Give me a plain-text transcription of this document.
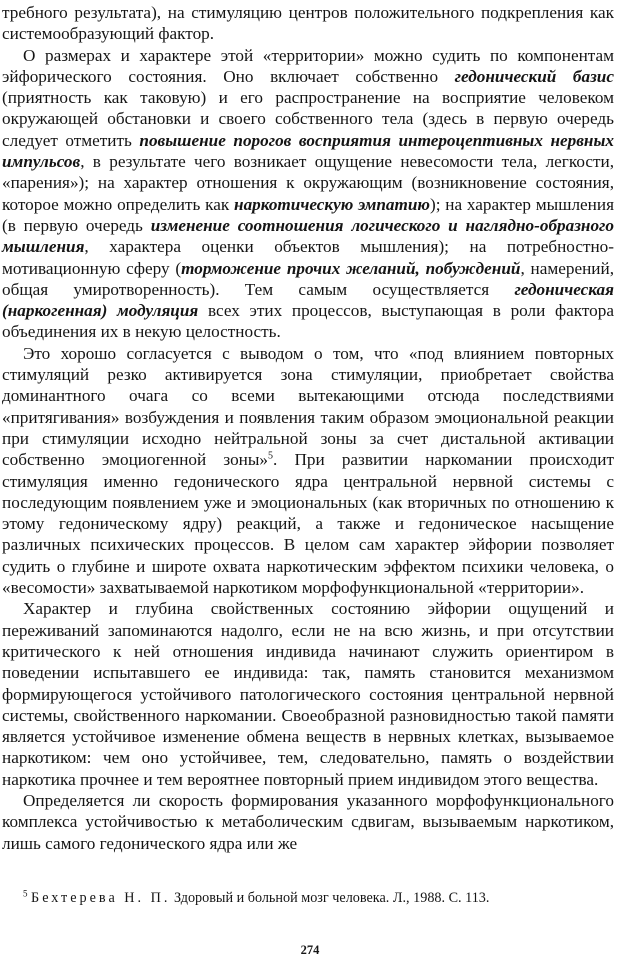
требного результата), на стимуляцию центров положительного подкрепления как системообразующий фактор.

О размерах и характере этой «территории» можно судить по компонентам эйфорического состояния. Оно включает собственно гедонический базис (приятность как таковую) и его распространение на восприятие человеком окружающей обстановки и своего собственного тела (здесь в первую очередь следует отметить повышение порогов восприятия интероцептивных нервных импульсов, в результате чего возникает ощущение невесомости тела, легкости, «парения»); на характер отношения к окружающим (возникновение состояния, которое можно определить как наркотическую эмпатию); на характер мышления (в первую очередь изменение соотношения логического и наглядно-образного мышления, характера оценки объектов мышления); на потребностно-мотивационную сферу (торможение прочих желаний, побуждений, намерений, общая умиротворенность). Тем самым осуществляется гедоническая (наркогенная) модуляция всех этих процессов, выступающая в роли фактора объединения их в некую целостность.

Это хорошо согласуется с выводом о том, что «под влиянием повторных стимуляций резко активируется зона стимуляции, приобретает свойства доминантного очага со всеми вытекающими отсюда последствиями «притягивания» возбуждения и появления таким образом эмоциональной реакции при стимуляции исходно нейтральной зоны за счет дистальной активации собственно эмоциогенной зоны»$^5$. При развитии наркомании происходит стимуляция именно гедонического ядра центральной нервной системы с последующим появлением уже и эмоциональных (как вторичных по отношению к этому гедоническому ядру) реакций, а также и гедоническое насыщение различных психических процессов. В целом сам характер эйфории позволяет судить о глубине и широте охвата наркотическим эффектом психики человека, о «весомости» захватываемой наркотиком морфофункциональной «территории».

Характер и глубина свойственных состоянию эйфории ощущений и переживаний запоминаются надолго, если не на всю жизнь, и при отсутствии критического к ней отношения индивида начинают служить ориентиром в поведении испытавшего ее индивида: так, память становится механизмом формирующегося устойчивого патологического состояния центральной нервной системы, свойственного наркомании. Своеобразной разновидностью такой памяти является устойчивое изменение обмена веществ в нервных клетках, вызываемое наркотиком: чем оно устойчивее, тем, следовательно, память о воздействии наркотика прочнее и тем вероятнее повторный прием индивидом этого вещества.

Определяется ли скорость формирования указанного морфофункционального комплекса устойчивостью к метаболическим сдвигам, вызываемым наркотиком, лишь самого гедонического ядра или же

$^5$ Бехтерева Н. П. Здоровый и больной мозг человека. Л., 1988. С. 113.
274
